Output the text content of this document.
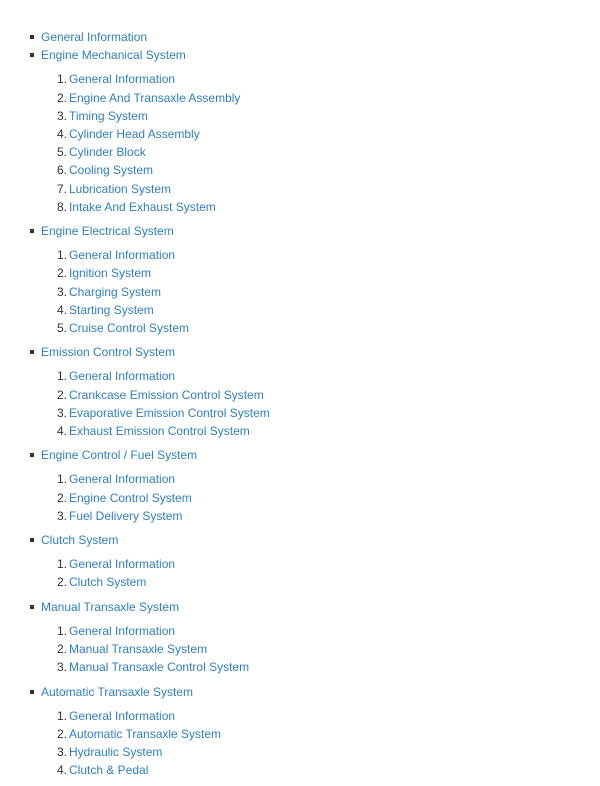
General Information
Engine Mechanical System
1. General Information
2. Engine And Transaxle Assembly
3. Timing System
4. Cylinder Head Assembly
5. Cylinder Block
6. Cooling System
7. Lubrication System
8. Intake And Exhaust System
Engine Electrical System
1. General Information
2. Ignition System
3. Charging System
4. Starting System
5. Cruise Control System
Emission Control System
1. General Information
2. Crankcase Emission Control System
3. Evaporative Emission Control System
4. Exhaust Emission Control System
Engine Control / Fuel System
1. General Information
2. Engine Control System
3. Fuel Delivery System
Clutch System
1. General Information
2. Clutch System
Manual Transaxle System
1. General Information
2. Manual Transaxle System
3. Manual Transaxle Control System
Automatic Transaxle System
1. General Information
2. Automatic Transaxle System
3. Hydraulic System
4. Clutch & Pedal
